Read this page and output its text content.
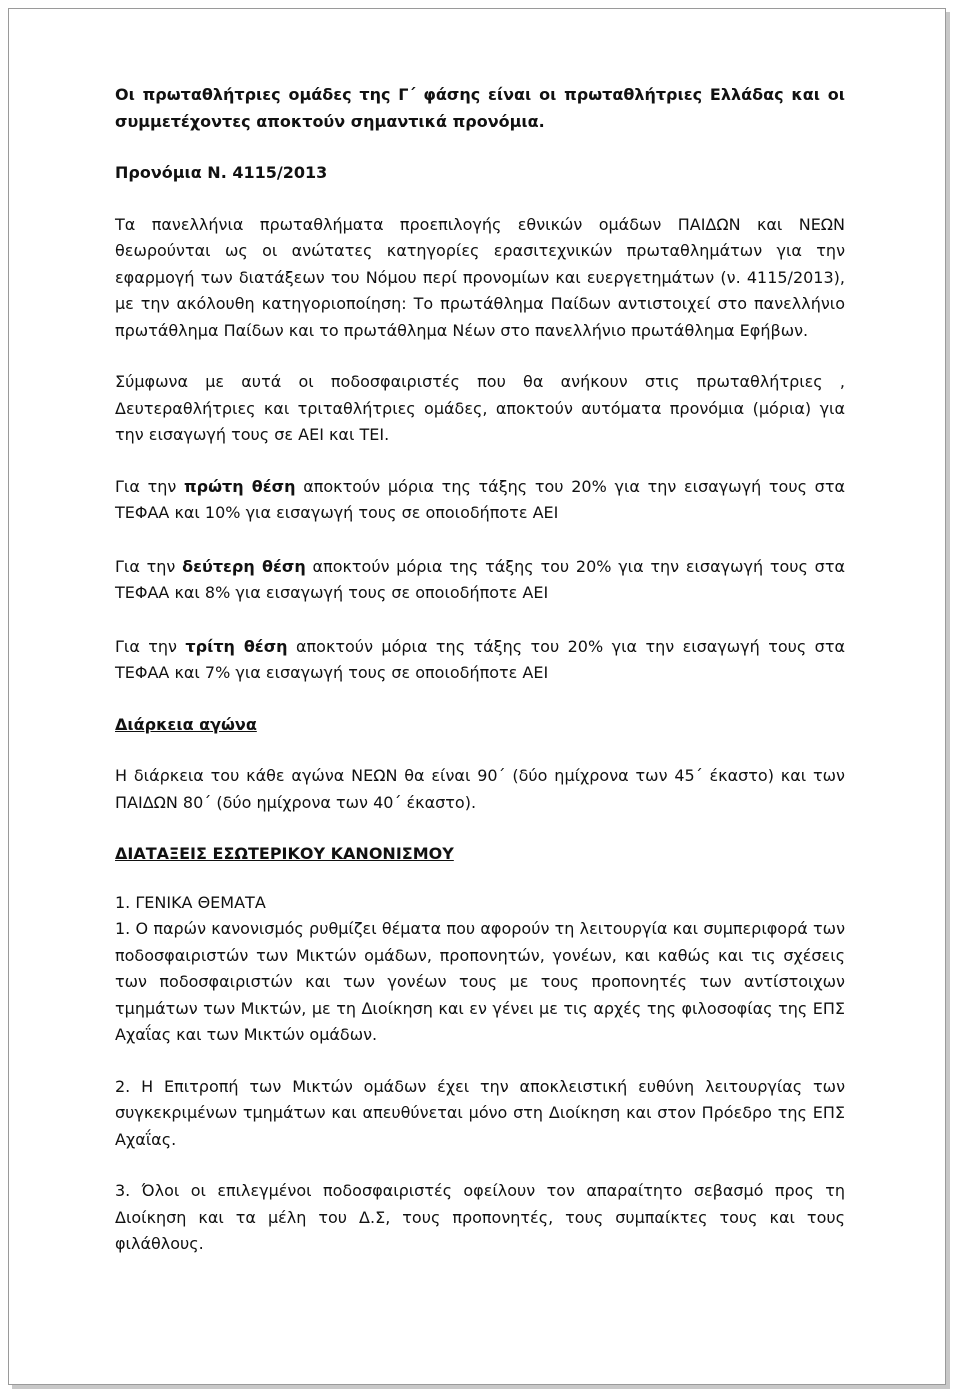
Οι πρωταθλήτριες ομάδες της Γ΄ φάσης είναι οι πρωταθλήτριες Ελλάδας και οι συμμετέχοντες αποκτούν σημαντικά προνόμια.

Προνόμια Ν. 4115/2013

Τα πανελλήνια πρωταθλήματα προεπιλογής εθνικών ομάδων ΠΑΙΔΩΝ και ΝΕΩΝ θεωρούνται ως οι ανώτατες κατηγορίες ερασιτεχνικών πρωταθλημάτων για την εφαρμογή των διατάξεων του Νόμου περί προνομίων και ευεργετημάτων (ν. 4115/2013), με την ακόλουθη κατηγοριοποίηση: Το πρωτάθλημα Παίδων αντιστοιχεί στο πανελλήνιο πρωτάθλημα Παίδων και το πρωτάθλημα Νέων στο πανελλήνιο πρωτάθλημα Εφήβων.

Σύμφωνα με αυτά οι ποδοσφαιριστές που θα ανήκουν στις πρωταθλήτριες , Δευτεραθλήτριες και τριταθλήτριες ομάδες, αποκτούν αυτόματα προνόμια (μόρια) για την εισαγωγή τους σε ΑΕΙ και ΤΕΙ.

Για την πρώτη θέση αποκτούν μόρια της τάξης του 20% για την εισαγωγή τους στα ΤΕΦΑΑ και 10% για εισαγωγή τους σε οποιοδήποτε ΑΕΙ

Για την δεύτερη θέση αποκτούν μόρια της τάξης του 20% για την εισαγωγή τους στα ΤΕΦΑΑ και 8% για εισαγωγή τους σε οποιοδήποτε ΑΕΙ

Για την τρίτη θέση αποκτούν μόρια της τάξης του 20% για την εισαγωγή τους στα ΤΕΦΑΑ και 7% για εισαγωγή τους σε οποιοδήποτε ΑΕΙ

Διάρκεια αγώνα

Η διάρκεια του κάθε αγώνα ΝΕΩΝ θα είναι 90΄ (δύο ημίχρονα των 45΄ έκαστο) και των ΠΑΙΔΩΝ 80΄ (δύο ημίχρονα των 40΄ έκαστο).

ΔΙΑΤΑΞΕΙΣ ΕΣΩΤΕΡΙΚΟΥ ΚΑΝΟΝΙΣΜΟΥ

1. ΓΕΝΙΚΑ ΘΕΜΑΤΑ

1. Ο παρών κανονισμός ρυθμίζει θέματα που αφορούν τη λειτουργία και συμπεριφορά των ποδοσφαιριστών των Μικτών ομάδων, προπονητών, γονέων, και καθώς και τις σχέσεις των ποδοσφαιριστών και των γονέων τους με τους προπονητές των αντίστοιχων τμημάτων των Μικτών, με τη Διοίκηση και εν γένει με τις αρχές της φιλοσοφίας της ΕΠΣ Αχαΐας και των Μικτών ομάδων.

2. Η Επιτροπή των Μικτών ομάδων έχει την αποκλειστική ευθύνη λειτουργίας των συγκεκριμένων τμημάτων και απευθύνεται μόνο στη Διοίκηση και στον Πρόεδρο της ΕΠΣ Αχαΐας.

3. Όλοι οι επιλεγμένοι ποδοσφαιριστές οφείλουν τον απαραίτητο σεβασμό προς τη Διοίκηση και τα μέλη του Δ.Σ, τους προπονητές, τους συμπαίκτες τους και τους φιλάθλους.
